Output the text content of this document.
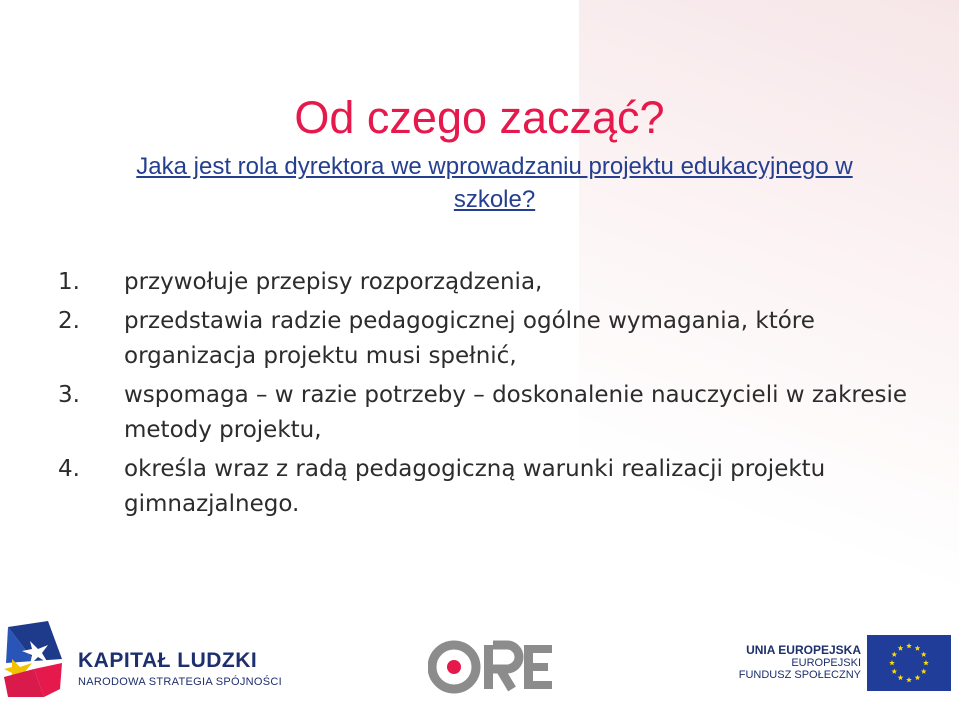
Od czego zacząć?
Jaka jest rola dyrektora we wprowadzaniu projektu edukacyjnego w szkole?
1.	przywołuje przepisy rozporządzenia,
2.	przedstawia radzie pedagogicznej ogólne wymagania, które organizacja projektu musi spełnić,
3.	wspomaga – w razie potrzeby – doskonalenie nauczycieli w zakresie metody projektu,
4.	określa wraz z radą pedagogiczną warunki realizacji projektu gimnazjalnego.
KAPITAŁ LUDZKI
NARODOWA STRATEGIA SPÓJNOŚCI
UNIA EUROPEJSKA
EUROPEJSKI
FUNDUSZ SPOŁECZNY
